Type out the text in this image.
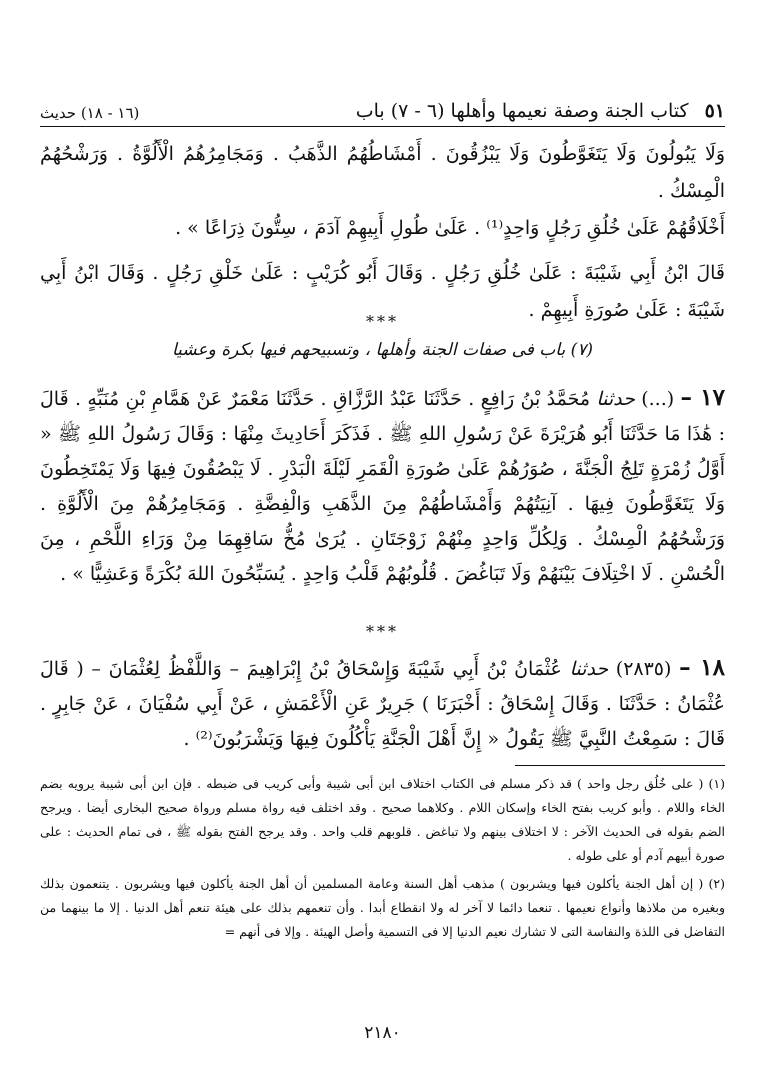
٥١ كتاب الجنة وصفة نعيمها وأهلها (٦ - ٧) باب
(١٦ - ١٨) حديث

وَلَا يَبُولُونَ وَلَا يَتَغَوَّطُونَ وَلَا يَبْزُقُونَ . أَمْشَاطُهُمُ الذَّهَبُ . وَمَجَامِرُهُمُ الْأَلُوَّةُ . وَرَشْحُهُمُ الْمِسْكُ .

أَخْلَاقُهُمْ عَلَىٰ خُلُقِ رَجُلٍ وَاحِدٍ⁽¹⁾ . عَلَىٰ طُولِ أَبِيهِمْ آدَمَ ، سِتُّونَ ذِرَاعًا » .

قَالَ ابْنُ أَبِي شَيْبَةَ : عَلَىٰ خُلُقِ رَجُلٍ . وَقَالَ أَبُو كُرَيْبٍ : عَلَىٰ خَلْقِ رَجُلٍ . وَقَالَ ابْنُ أَبِي شَيْبَةَ : عَلَىٰ صُورَةِ أَبِيهِمْ .

***
(٧) باب فى صفات الجنة وأهلها ، وتسبيحهم فيها بكرة وعشيا
١٧ – (...) حدثنا مُحَمَّدُ بْنُ رَافِعٍ . حَدَّثَنَا عَبْدُ الرَّزَّاقِ . حَدَّثَنَا مَعْمَرٌ عَنْ هَمَّامِ بْنِ مُنَبِّهٍ . قَالَ : هَٰذَا مَا حَدَّثَنَا أَبُو هُرَيْرَةَ عَنْ رَسُولِ اللهِ ﷺ . فَذَكَرَ أَحَادِيثَ مِنْهَا : وَقَالَ رَسُولُ اللهِ ﷺ « أَوَّلُ زُمْرَةٍ تَلِجُ الْجَنَّةَ ، صُوَرُهُمْ عَلَىٰ صُورَةِ الْقَمَرِ لَيْلَةَ الْبَدْرِ . لَا يَبْصُقُونَ فِيهَا وَلَا يَمْتَخِطُونَ وَلَا يَتَغَوَّطُونَ فِيهَا . آنِيَتُهُمْ وَأَمْشَاطُهُمْ مِنَ الذَّهَبِ وَالْفِضَّةِ . وَمَجَامِرُهُمْ مِنَ الْأَلُوَّةِ . وَرَشْحُهُمُ الْمِسْكُ . وَلِكُلِّ وَاحِدٍ مِنْهُمْ زَوْجَتَانِ . يُرَىٰ مُخُّ سَاقِهِمَا مِنْ وَرَاءِ اللَّحْمِ ، مِنَ الْحُسْنِ . لَا اخْتِلَافَ بَيْنَهُمْ وَلَا تَبَاغُضَ . قُلُوبُهُمْ قَلْبُ وَاحِدٍ . يُسَبِّحُونَ اللهَ بُكْرَةً وَعَشِيًّا » .
***
١٨ – (٢٨٣٥) حدثنا عُثْمَانُ بْنُ أَبِي شَيْبَةَ وَإِسْحَاقُ بْنُ إِبْرَاهِيمَ – وَاللَّفْظُ لِعُثْمَانَ – ( قَالَ عُثْمَانُ : حَدَّثَنَا . وَقَالَ إِسْحَاقُ : أَخْبَرَنَا ) جَرِيرٌ عَنِ الْأَعْمَشِ ، عَنْ أَبِي سُفْيَانَ ، عَنْ جَابِرٍ . قَالَ : سَمِعْتُ النَّبِيَّ ﷺ يَقُولُ « إِنَّ أَهْلَ الْجَنَّةِ يَأْكُلُونَ فِيهَا وَيَشْرَبُونَ⁽²⁾ .

(١) ( على خُلُق رجل واحد ) قد ذكر مسلم فى الكتاب اختلاف ابن أبى شيبة وأبى كريب فى ضبطه . فإن ابن أبى شيبة يرويه بضم الخاء واللام . وأبو كريب بفتح الخاء وإسكان اللام . وكلاهما صحيح . وقد اختلف فيه رواة مسلم ورواة صحيح البخارى أيضا . ويرجح الضم بقوله فى الحديث الآخر : لا اختلاف بينهم ولا تباغض . قلوبهم قلب واحد . وقد يرجح الفتح بقوله ﷺ ، فى تمام الحديث : على صورة أبيهم آدم أو على طوله .

(٢) ( إن أهل الجنة يأكلون فيها ويشربون ) مذهب أهل السنة وعامة المسلمين أن أهل الجنة يأكلون فيها ويشربون . يتنعمون بذلك وبغيره من ملاذها وأنواع نعيمها . تنعما دائما لا آخر له ولا انقطاع أبدا . وأن تنعمهم بذلك على هيئة تنعم أهل الدنيا . إلا ما بينهما من التفاضل فى اللذة والنفاسة التى لا تشارك نعيم الدنيا إلا فى التسمية وأصل الهيئة . وإلا فى أنهم =

٢١٨٠
